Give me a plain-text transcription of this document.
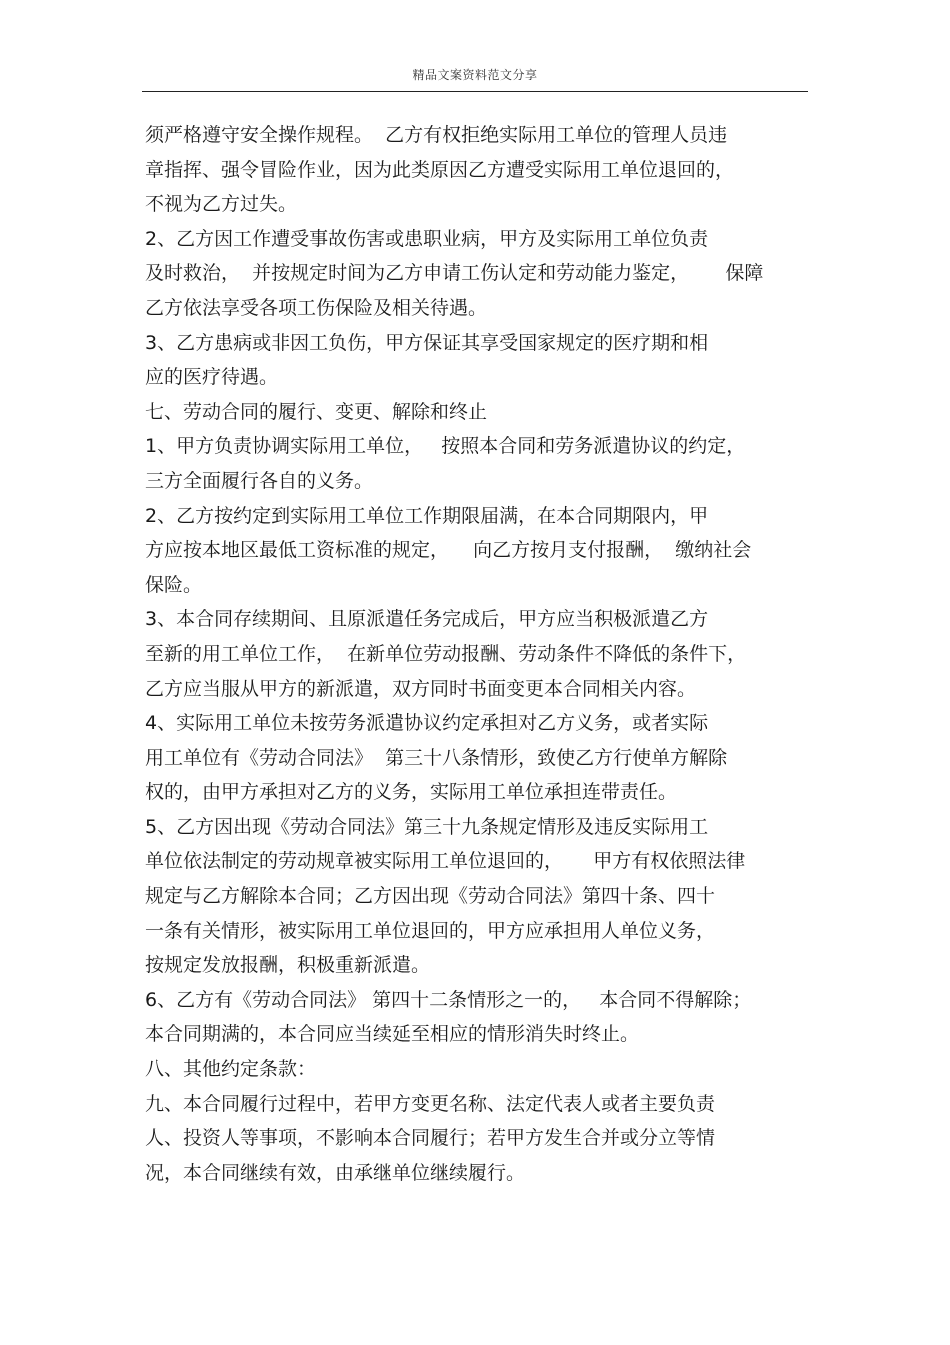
精品文案资料范文分享
须严格遵守安全操作规程。  乙方有权拒绝实际用工单位的管理人员违
章指挥、强令冒险作业，因为此类原因乙方遭受实际用工单位退回的，
不视为乙方过失。
2、乙方因工作遭受事故伤害或患职业病，甲方及实际用工单位负责
及时救治，  并按规定时间为乙方申请工伤认定和劳动能力鉴定，      保障
乙方依法享受各项工伤保险及相关待遇。
3、乙方患病或非因工负伤，甲方保证其享受国家规定的医疗期和相
应的医疗待遇。
七、劳动合同的履行、变更、解除和终止
1、甲方负责协调实际用工单位，   按照本合同和劳务派遣协议的约定，
三方全面履行各自的义务。
2、乙方按约定到实际用工单位工作期限届满，在本合同期限内，甲
方应按本地区最低工资标准的规定，    向乙方按月支付报酬，  缴纳社会
保险。
3、本合同存续期间、且原派遣任务完成后，甲方应当积极派遣乙方
至新的用工单位工作，  在新单位劳动报酬、劳动条件不降低的条件下，
乙方应当服从甲方的新派遣，双方同时书面变更本合同相关内容。
4、实际用工单位未按劳务派遣协议约定承担对乙方义务，或者实际
用工单位有《劳动合同法》  第三十八条情形，致使乙方行使单方解除
权的，由甲方承担对乙方的义务，实际用工单位承担连带责任。
5、乙方因出现《劳动合同法》第三十九条规定情形及违反实际用工
单位依法制定的劳动规章被实际用工单位退回的，     甲方有权依照法律
规定与乙方解除本合同；乙方因出现《劳动合同法》第四十条、四十
一条有关情形，被实际用工单位退回的，甲方应承担用人单位义务，
按规定发放报酬，积极重新派遣。
6、乙方有《劳动合同法》 第四十二条情形之一的，   本合同不得解除；
本合同期满的，本合同应当续延至相应的情形消失时终止。
八、其他约定条款：
九、本合同履行过程中，若甲方变更名称、法定代表人或者主要负责
人、投资人等事项，不影响本合同履行；若甲方发生合并或分立等情
况，本合同继续有效，由承继单位继续履行。
